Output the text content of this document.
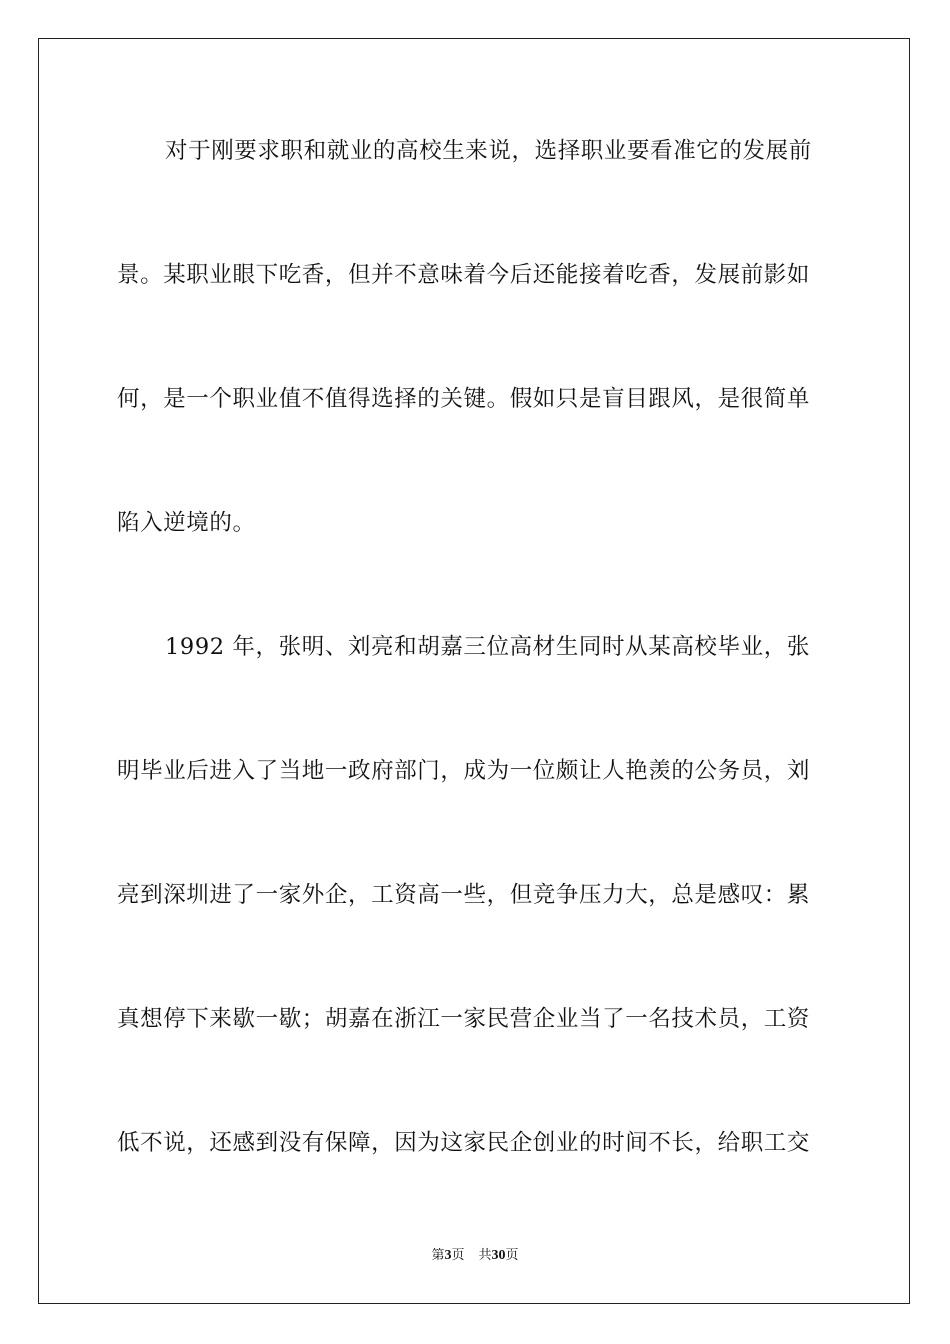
对于刚要求职和就业的高校生来说，选择职业要看准它的发展前
景。某职业眼下吃香，但并不意味着今后还能接着吃香，发展前影如
何，是一个职业值不值得选择的关键。假如只是盲目跟风，是很简单
陷入逆境的。
1992 年，张明、刘亮和胡嘉三位高材生同时从某高校毕业，张
明毕业后进入了当地一政府部门，成为一位颇让人艳羡的公务员，刘
亮到深圳进了一家外企，工资高一些，但竞争压力大，总是感叹：累
真想停下来歇一歇；胡嘉在浙江一家民营企业当了一名技术员，工资
低不说，还感到没有保障，因为这家民企创业的时间不长，给职工交
第3页 共30页
